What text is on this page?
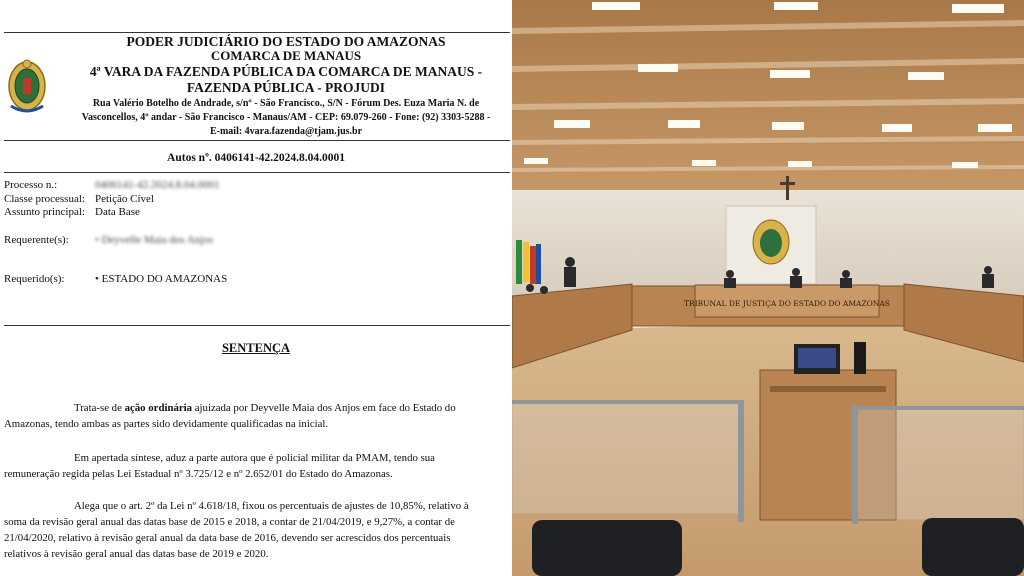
PODER JUDICIÁRIO DO ESTADO DO AMAZONAS
COMARCA DE MANAUS
4ª VARA DA FAZENDA PÚBLICA DA COMARCA DE MANAUS -
FAZENDA PÚBLICA - PROJUDI
Rua Valério Botelho de Andrade, s/nº - São Francisco., S/N - Fórum Des. Euza Maria N. de
Vasconcellos, 4º andar - São Francisco - Manaus/AM - CEP: 69.079-260 - Fone: (92) 3303-5288 -
E-mail: 4vara.fazenda@tjam.jus.br
Autos nº. 0406141-42.2024.8.04.0001
Processo n.:	0406141-42.2024.8.04.0001
Classe processual: Petição Cível
Assunto principal: Data Base
Requerente(s): • Deyvelle Maia dos Anjos
Requerido(s):	• ESTADO DO AMAZONAS
SENTENÇA
Trata-se de ação ordinária ajuizada por Deyvelle Maia dos Anjos em face do Estado do
Amazonas, tendo ambas as partes sido devidamente qualificadas na inicial.
Em apertada síntese, aduz a parte autora que é policial militar da PMAM, tendo sua
remuneração regida pelas Lei Estadual nº 3.725/12 e nº 2.652/01 do Estado do Amazonas.
Alega que o art. 2º da Lei nº 4.618/18, fixou os percentuais de ajustes de 10,85%, relativo à
soma da revisão geral anual das datas base de 2015 e 2018, a contar de 21/04/2019, e 9,27%, a contar de
21/04/2020, relativo à revisão geral anual da data base de 2016, devendo ser acrescidos dos percentuais
relativos à revisão geral anual das datas base de 2019 e 2020.
TRIBUNAL DE JUSTIÇA DO ESTADO DO AMAZONAS
